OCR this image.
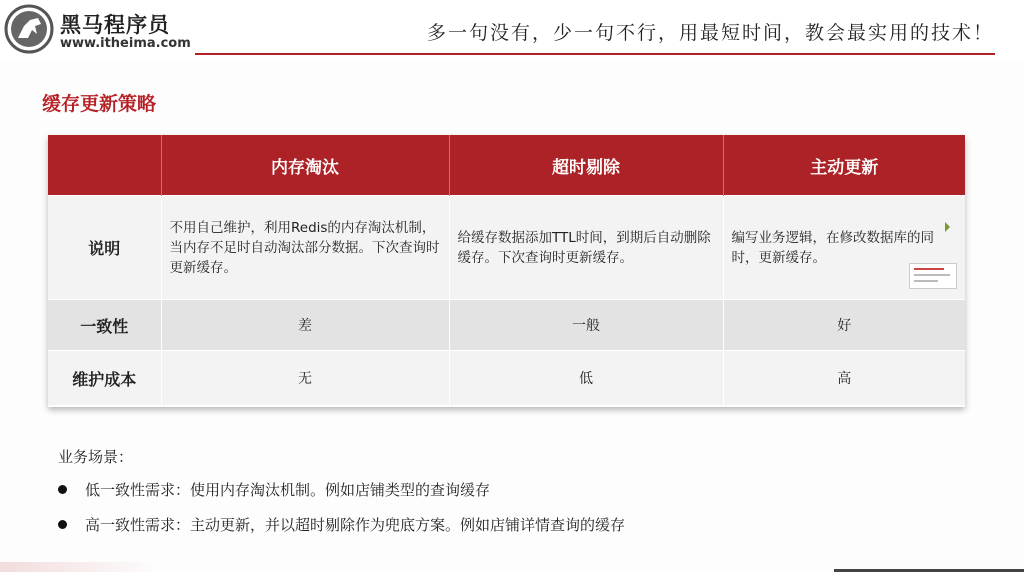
黑马程序员
www.itheima.com	多一句没有，少一句不行，用最短时间，教会最实用的技术！
缓存更新策略
	内存淘汰	超时剔除	主动更新
说明	不用自己维护，利用Redis的内存淘汰机制，当内存不足时自动淘汰部分数据。下次查询时更新缓存。	给缓存数据添加TTL时间，到期后自动删除缓存。下次查询时更新缓存。	编写业务逻辑，在修改数据库的同时，更新缓存。
一致性	差	一般	好
维护成本	无	低	高
业务场景：
低一致性需求：使用内存淘汰机制。例如店铺类型的查询缓存
高一致性需求：主动更新，并以超时剔除作为兜底方案。例如店铺详情查询的缓存
